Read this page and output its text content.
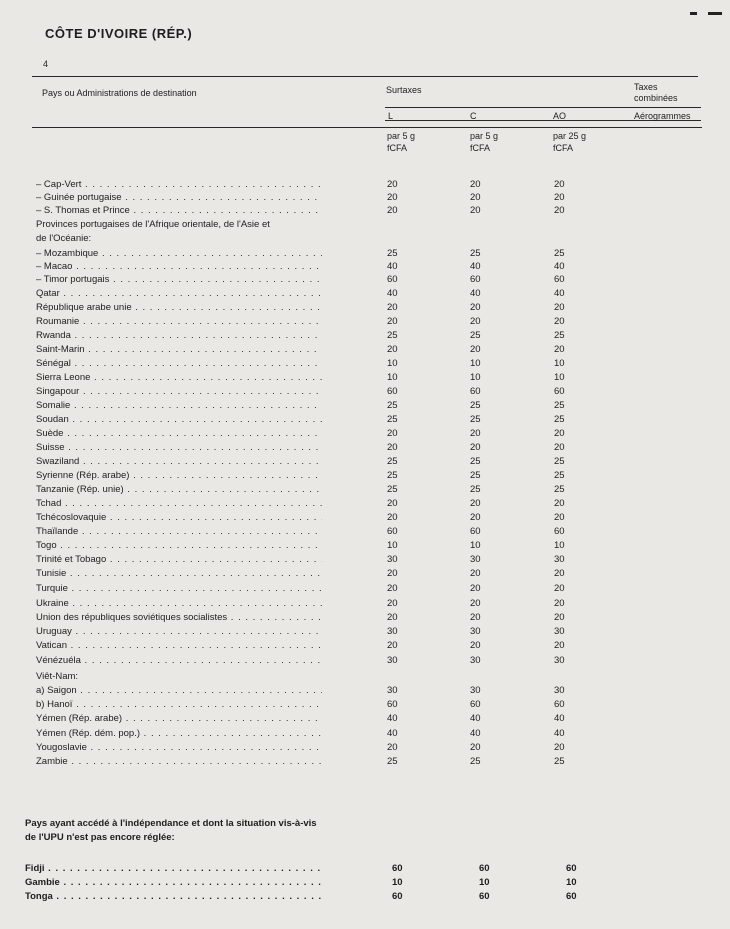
CÔTE D'IVOIRE (RÉP.)
4
Pays ou Administrations de destination	Surtaxes	Taxes
combinées
L	C	AO	Aérogrammes
par 5 g
fCFA
par 5 g
fCFA
par 25 g
fCFA
Provinces portugaises de l'Afrique orientale, de l'Asie et
de l'Océanie:
Viêt-Nam:
– Cap-Vert . . .	20	20	20
– Guinée portugaise . . .	20	20	20
– S. Thomas et Prince . . .	20	20	20
– Mozambique . . .	25	25	25
– Macao . . .	40	40	40
– Timor portugais . . .	60	60	60
Qatar . . .	40	40	40
République arabe unie . . .	20	20	20
Roumanie . . .	20	20	20
Rwanda . . .	25	25	25
Saint-Marin . . .	20	20	20
Sénégal . . .	10	10	10
Sierra Leone . . .	10	10	10
Singapour . . .	60	60	60
Somalie . . .	25	25	25
Soudan . . .	25	25	25
Suède . . .	20	20	20
Suisse . . .	20	20	20
Swaziland . . .	25	25	25
Syrienne (Rép. arabe) . . .	25	25	25
Tanzanie (Rép. unie) . . .	25	25	25
Tchad . . .	20	20	20
Tchécoslovaquie . . .	20	20	20
Thaïlande . . .	60	60	60
Togo . . .	10	10	10
Trinité et Tobago . . .	30	30	30
Tunisie . . .	20	20	20
Turquie . . .	20	20	20
Ukraine . . .	20	20	20
Union des républiques soviétiques socialistes . . .	20	20	20
Uruguay . . .	30	30	30
Vatican . . .	20	20	20
Vénézuéla . . .	30	30	30
a) Saigon . . .	30	30	30
b) Hanoï . . .	60	60	60
Yémen (Rép. arabe) . . .	40	40	40
Yémen (Rép. dém. pop.) . . .	40	40	40
Yougoslavie . . .	20	20	20
Zambie . . .	25	25	25
Pays ayant accédé à l'indépendance et dont la situation vis-à-vis de l'UPU n'est pas encore réglée:
Fidji . . .	60	60	60
Gambie . . .	10	10	10
Tonga . . .	60	60	60
